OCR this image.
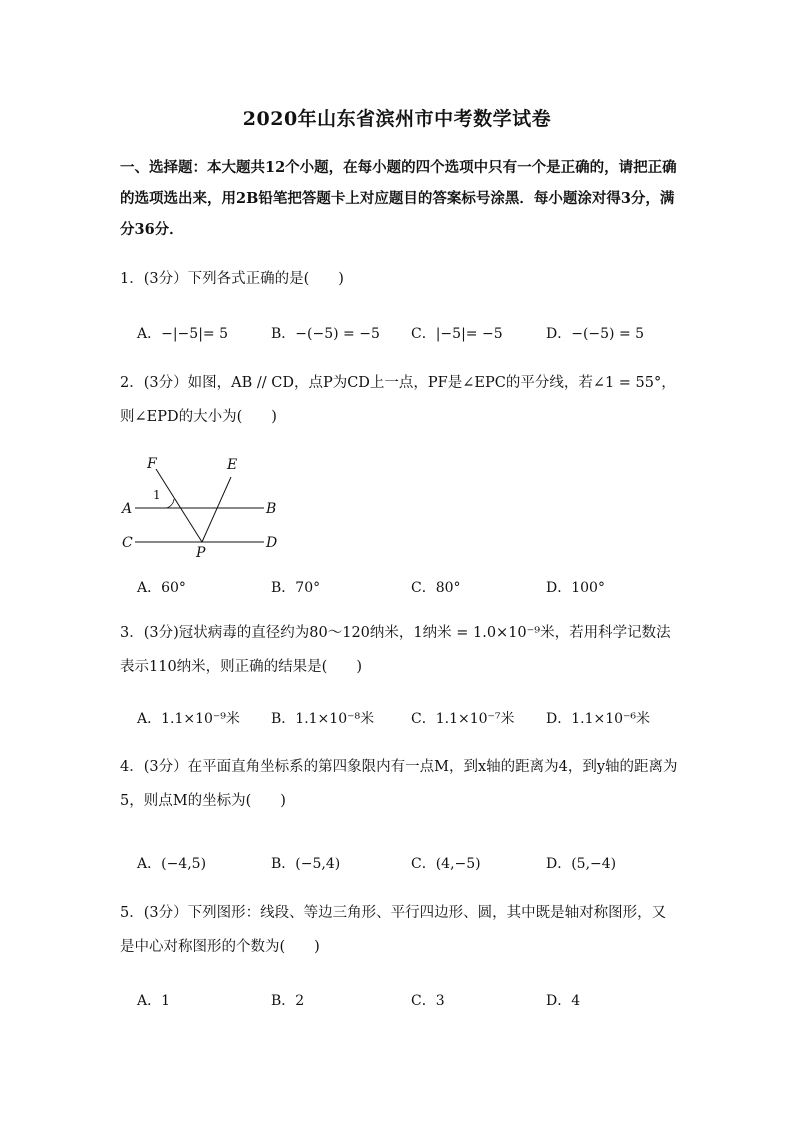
2020年山东省滨州市中考数学试卷
一、选择题：本大题共12个小题，在每小题的四个选项中只有一个是正确的，请把正确的选项选出来，用2B铅笔把答题卡上对应题目的答案标号涂黑．每小题涂对得3分，满分36分．
1．(3分）下列各式正确的是(　　)
A．−|−5|= 5	B．−(−5) = −5 C．|−5|= −5	D．−(−5) = 5
2．(3分）如图，AB // CD，点P为CD上一点，PF是∠EPC的平分线，若∠1 = 55°，则∠EPD的大小为(　　)
F	E
A	B
C
P
D
1
A．60°	B．70°	C．80°	D．100°
3．(3分)冠状病毒的直径约为80～120纳米，1纳米 = 1.0×10⁻⁹米，若用科学记数法表示110纳米，则正确的结果是(　　)
A．1.1×10⁻⁹米 B．1.1×10⁻⁸米	C．1.1×10⁻⁷米 D．1.1×10⁻⁶米
4．(3分）在平面直角坐标系的第四象限内有一点M，到x轴的距离为4，到y轴的距离为5，则点M的坐标为(　　)
A．(−4,5)	B．(−5,4)	C．(4,−5)	D．(5,−4)
5．(3分）下列图形：线段、等边三角形、平行四边形、圆，其中既是轴对称图形，又是中心对称图形的个数为(　　)
A．1	B．2	C．3	D．4
